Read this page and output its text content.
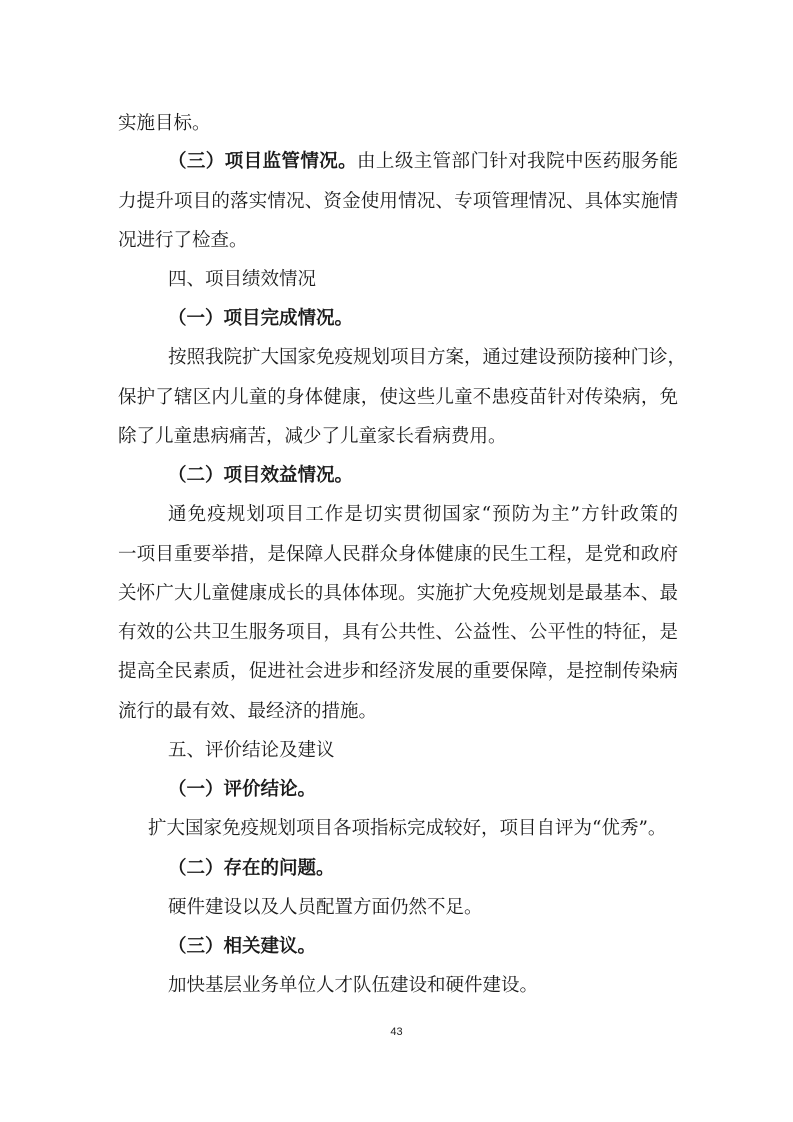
实施目标。
（三）项目监管情况。由上级主管部门针对我院中医药服务能
力提升项目的落实情况、资金使用情况、专项管理情况、具体实施情
况进行了检查。
四、项目绩效情况
（一）项目完成情况。
按照我院扩大国家免疫规划项目方案，通过建设预防接种门诊，
保护了辖区内儿童的身体健康，使这些儿童不患疫苗针对传染病，免
除了儿童患病痛苦，减少了儿童家长看病费用。
（二）项目效益情况。
通免疫规划项目工作是切实贯彻国家“预防为主”方针政策的
一项目重要举措，是保障人民群众身体健康的民生工程，是党和政府
关怀广大儿童健康成长的具体体现。实施扩大免疫规划是最基本、最
有效的公共卫生服务项目，具有公共性、公益性、公平性的特征，是
提高全民素质，促进社会进步和经济发展的重要保障，是控制传染病
流行的最有效、最经济的措施。
五、评价结论及建议
（一）评价结论。
扩大国家免疫规划项目各项指标完成较好，项目自评为“优秀”。
（二）存在的问题。
硬件建设以及人员配置方面仍然不足。
（三）相关建议。
加快基层业务单位人才队伍建设和硬件建设。
43
